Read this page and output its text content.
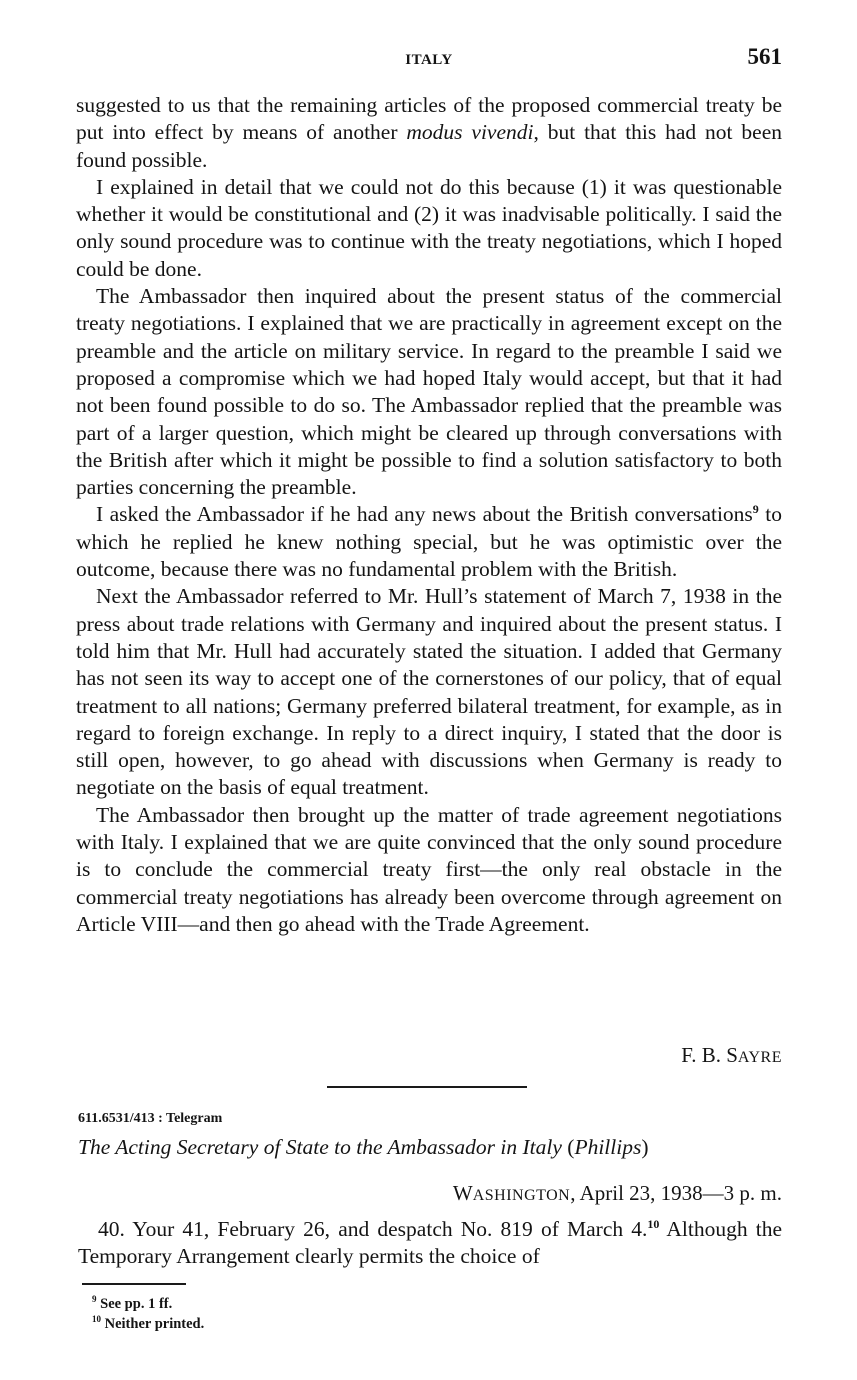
ITALY	561

suggested to us that the remaining articles of the proposed commercial treaty be put into effect by means of another modus vivendi, but that this had not been found possible.

I explained in detail that we could not do this because (1) it was questionable whether it would be constitutional and (2) it was inadvisable politically. I said the only sound procedure was to continue with the treaty negotiations, which I hoped could be done.

The Ambassador then inquired about the present status of the commercial treaty negotiations. I explained that we are practically in agreement except on the preamble and the article on military service. In regard to the preamble I said we proposed a compromise which we had hoped Italy would accept, but that it had not been found possible to do so. The Ambassador replied that the preamble was part of a larger question, which might be cleared up through conversations with the British after which it might be possible to find a solution satisfactory to both parties concerning the preamble.

I asked the Ambassador if he had any news about the British conversations$^9$ to which he replied he knew nothing special, but he was optimistic over the outcome, because there was no fundamental problem with the British.

Next the Ambassador referred to Mr. Hull’s statement of March 7, 1938 in the press about trade relations with Germany and inquired about the present status. I told him that Mr. Hull had accurately stated the situation. I added that Germany has not seen its way to accept one of the cornerstones of our policy, that of equal treatment to all nations; Germany preferred bilateral treatment, for example, as in regard to foreign exchange. In reply to a direct inquiry, I stated that the door is still open, however, to go ahead with discussions when Germany is ready to negotiate on the basis of equal treatment.

The Ambassador then brought up the matter of trade agreement negotiations with Italy. I explained that we are quite convinced that the only sound procedure is to conclude the commercial treaty first—the only real obstacle in the commercial treaty negotiations has already been overcome through agreement on Article VIII—and then go ahead with the Trade Agreement.

F. B. SAYRE
611.6531/413 : Telegram
The Acting Secretary of State to the Ambassador in Italy (Phillips)
WASHINGTON, April 23, 1938—3 p. m.

40. Your 41, February 26, and despatch No. 819 of March 4.10 Although the Temporary Arrangement clearly permits the choice of

$^9$ See pp. 1 ff.
$^{10}$ Neither printed.
